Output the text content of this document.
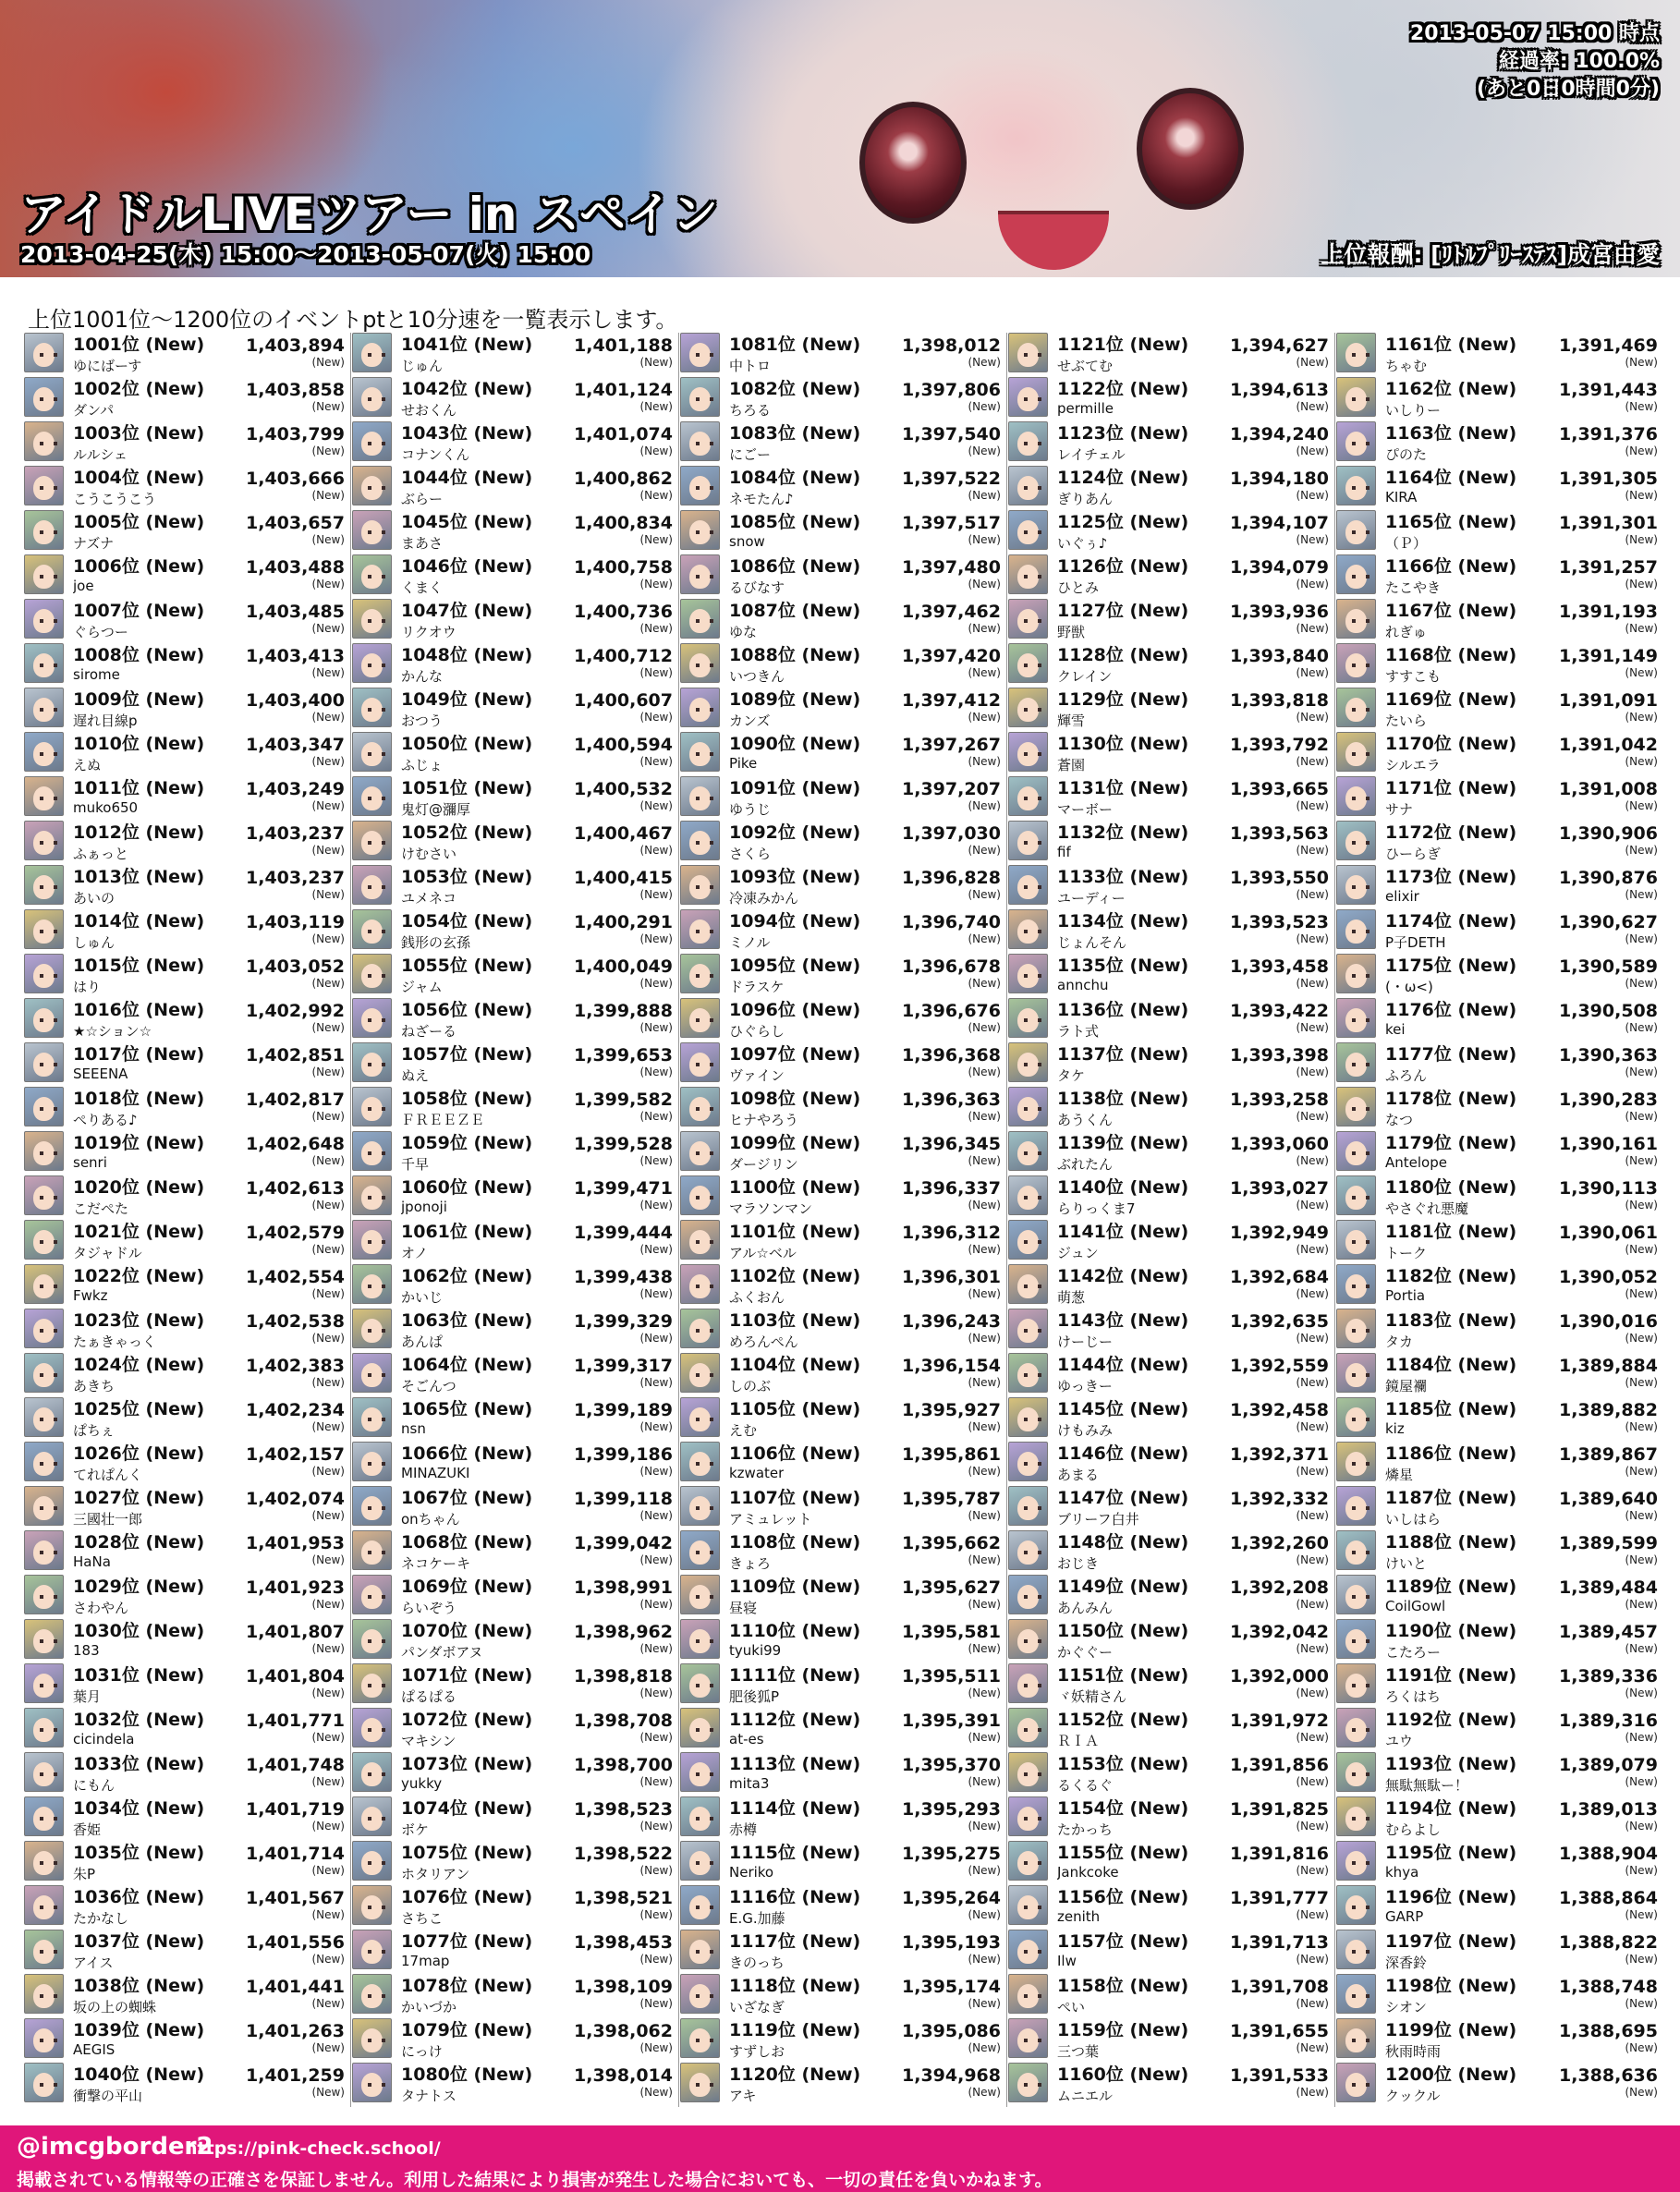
アイドルLIVEツアー in スペイン
2013-04-25(木) 15:00～2013-05-07(火) 15:00	上位報酬: [ﾘﾄﾙﾌﾟﾘｰｽﾃｽ]成宮由愛
2013-05-07 15:00 時点
経過率: 100.0%
(あと0日0時間0分)
上位1001位～1200位のイベントptと10分速を一覧表示します。
1001位 (New) 1,403,894
ゆにばーす	(New)
1002位 (New) 1,403,858
ダンパ	(New)
1003位 (New) 1,403,799
ルルシェ	(New)
1004位 (New) 1,403,666
こうこうこう	(New)
1005位 (New) 1,403,657
ナズナ	(New)
1006位 (New) 1,403,488
joe	(New)
1007位 (New) 1,403,485
ぐらつー	(New)
1008位 (New) 1,403,413
sirome	(New)
1009位 (New) 1,403,400
遅れ目線p	(New)
1010位 (New) 1,403,347
えぬ	(New)
1011位 (New) 1,403,249
muko650	(New)
1012位 (New) 1,403,237
ふぁっと	(New)
1013位 (New) 1,403,237
あいの	(New)
1014位 (New) 1,403,119
しゅん	(New)
1015位 (New) 1,403,052
はり	(New)
1016位 (New) 1,402,992
★☆ション☆	(New)
1017位 (New) 1,402,851
SEEENA	(New)
1018位 (New) 1,402,817
ぺりある♪	(New)
1019位 (New) 1,402,648
senri	(New)
1020位 (New) 1,402,613
こだぺた	(New)
1021位 (New) 1,402,579
タジャドル	(New)
1022位 (New) 1,402,554
Fwkz	(New)
1023位 (New) 1,402,538
たぁきゃっく	(New)
1024位 (New) 1,402,383
あきち	(New)
1025位 (New) 1,402,234
ぱちぇ	(New)
1026位 (New) 1,402,157
てれぱんく	(New)
1027位 (New) 1,402,074
三國壮一郎	(New)
1028位 (New) 1,401,953
HaNa	(New)
1029位 (New) 1,401,923
さわやん	(New)
1030位 (New) 1,401,807
183	(New)
1031位 (New) 1,401,804
葉月	(New)
1032位 (New) 1,401,771
cicindela	(New)
1033位 (New) 1,401,748
にもん	(New)
1034位 (New) 1,401,719
香姫	(New)
1035位 (New) 1,401,714
朱P	(New)
1036位 (New) 1,401,567
たかなし	(New)
1037位 (New) 1,401,556
アイス	(New)
1038位 (New) 1,401,441
坂の上の蜘蛛	(New)
1039位 (New) 1,401,263
AEGIS	(New)
1040位 (New) 1,401,259
衝撃の平山	(New)
1041位 (New) 1,401,188
じゅん	(New)
1042位 (New) 1,401,124
せおくん	(New)
1043位 (New) 1,401,074
コナンくん	(New)
1044位 (New) 1,400,862
ぶらー	(New)
1045位 (New) 1,400,834
まあさ	(New)
1046位 (New) 1,400,758
くまく	(New)
1047位 (New) 1,400,736
リクオウ	(New)
1048位 (New) 1,400,712
かんな	(New)
1049位 (New) 1,400,607
おつう	(New)
1050位 (New) 1,400,594
ふじょ	(New)
1051位 (New) 1,400,532
鬼灯@瀰厚	(New)
1052位 (New) 1,400,467
けむさい	(New)
1053位 (New) 1,400,415
ユメネコ	(New)
1054位 (New) 1,400,291
銭形の玄孫	(New)
1055位 (New) 1,400,049
ジャム	(New)
1056位 (New) 1,399,888
ねざーる	(New)
1057位 (New) 1,399,653
ぬえ	(New)
1058位 (New) 1,399,582
ＦＲＥＥＺＥ	(New)
1059位 (New) 1,399,528
千早	(New)
1060位 (New) 1,399,471
jponoji	(New)
1061位 (New) 1,399,444
オノ	(New)
1062位 (New) 1,399,438
かいじ	(New)
1063位 (New) 1,399,329
あんぱ	(New)
1064位 (New) 1,399,317
そごんつ	(New)
1065位 (New) 1,399,189
nsn	(New)
1066位 (New) 1,399,186
MINAZUKI	(New)
1067位 (New) 1,399,118
onちゃん	(New)
1068位 (New) 1,399,042
ネコケーキ	(New)
1069位 (New) 1,398,991
らいぞう	(New)
1070位 (New) 1,398,962
パンダボアヌ	(New)
1071位 (New) 1,398,818
ぱるぱる	(New)
1072位 (New) 1,398,708
マキシン	(New)
1073位 (New) 1,398,700
yukky	(New)
1074位 (New) 1,398,523
ボケ	(New)
1075位 (New) 1,398,522
ホタリアン	(New)
1076位 (New) 1,398,521
さちこ	(New)
1077位 (New) 1,398,453
17map	(New)
1078位 (New) 1,398,109
かいづか	(New)
1079位 (New) 1,398,062
にっけ	(New)
1080位 (New) 1,398,014
タナトス	(New)
1081位 (New) 1,398,012
中トロ	(New)
1082位 (New) 1,397,806
ちろる	(New)
1083位 (New) 1,397,540
にごー	(New)
1084位 (New) 1,397,522
ネモたん♪	(New)
1085位 (New) 1,397,517
snow	(New)
1086位 (New) 1,397,480
るびなす	(New)
1087位 (New) 1,397,462
ゆな	(New)
1088位 (New) 1,397,420
いつきん	(New)
1089位 (New) 1,397,412
カンズ	(New)
1090位 (New) 1,397,267
Pike	(New)
1091位 (New) 1,397,207
ゆうじ	(New)
1092位 (New) 1,397,030
さくら	(New)
1093位 (New) 1,396,828
冷凍みかん	(New)
1094位 (New) 1,396,740
ミノル	(New)
1095位 (New) 1,396,678
ドラスケ	(New)
1096位 (New) 1,396,676
ひぐらし	(New)
1097位 (New) 1,396,368
ヴァイン	(New)
1098位 (New) 1,396,363
ヒナやろう	(New)
1099位 (New) 1,396,345
ダージリン	(New)
1100位 (New) 1,396,337
マラソンマン	(New)
1101位 (New) 1,396,312
アル☆ベル	(New)
1102位 (New) 1,396,301
ふくおん	(New)
1103位 (New) 1,396,243
めろんぺん	(New)
1104位 (New) 1,396,154
しのぶ	(New)
1105位 (New) 1,395,927
えむ	(New)
1106位 (New) 1,395,861
kzwater	(New)
1107位 (New) 1,395,787
アミュレット	(New)
1108位 (New) 1,395,662
きょろ	(New)
1109位 (New) 1,395,627
昼寝	(New)
1110位 (New) 1,395,581
tyuki99	(New)
1111位 (New) 1,395,511
肥後狐P	(New)
1112位 (New) 1,395,391
at-es	(New)
1113位 (New) 1,395,370
mita3	(New)
1114位 (New) 1,395,293
赤樽	(New)
1115位 (New) 1,395,275
Neriko	(New)
1116位 (New) 1,395,264
E.G.加藤	(New)
1117位 (New) 1,395,193
きのっち	(New)
1118位 (New) 1,395,174
いざなぎ	(New)
1119位 (New) 1,395,086
すずしお	(New)
1120位 (New) 1,394,968
アキ	(New)
1121位 (New) 1,394,627
せぶてむ	(New)
1122位 (New) 1,394,613
permille	(New)
1123位 (New) 1,394,240
レイチェル	(New)
1124位 (New) 1,394,180
ぎりあん	(New)
1125位 (New) 1,394,107
いぐぅ♪	(New)
1126位 (New) 1,394,079
ひとみ	(New)
1127位 (New) 1,393,936
野獣	(New)
1128位 (New) 1,393,840
クレイン	(New)
1129位 (New) 1,393,818
輝雪	(New)
1130位 (New) 1,393,792
蒼園	(New)
1131位 (New) 1,393,665
マーボー	(New)
1132位 (New) 1,393,563
fif	(New)
1133位 (New) 1,393,550
ユーディー	(New)
1134位 (New) 1,393,523
じょんそん	(New)
1135位 (New) 1,393,458
annchu	(New)
1136位 (New) 1,393,422
ラト式	(New)
1137位 (New) 1,393,398
タケ	(New)
1138位 (New) 1,393,258
あうくん	(New)
1139位 (New) 1,393,060
ぶれたん	(New)
1140位 (New) 1,393,027
らりっくま7	(New)
1141位 (New) 1,392,949
ジュン	(New)
1142位 (New) 1,392,684
萌葱	(New)
1143位 (New) 1,392,635
けーじー	(New)
1144位 (New) 1,392,559
ゆっきー	(New)
1145位 (New) 1,392,458
けもみみ	(New)
1146位 (New) 1,392,371
あまる	(New)
1147位 (New) 1,392,332
ブリーフ白井	(New)
1148位 (New) 1,392,260
おじき	(New)
1149位 (New) 1,392,208
あんみん	(New)
1150位 (New) 1,392,042
かぐぐー	(New)
1151位 (New) 1,392,000
ヾ妖精さん	(New)
1152位 (New) 1,391,972
ＲＩＡ	(New)
1153位 (New) 1,391,856
るくるぐ	(New)
1154位 (New) 1,391,825
たかっち	(New)
1155位 (New) 1,391,816
Jankcoke	(New)
1156位 (New) 1,391,777
zenith	(New)
1157位 (New) 1,391,713
Ilw	(New)
1158位 (New) 1,391,708
ぺい	(New)
1159位 (New) 1,391,655
三つ葉	(New)
1160位 (New) 1,391,533
ムニエル	(New)
1161位 (New) 1,391,469
ちゃむ	(New)
1162位 (New) 1,391,443
いしりー	(New)
1163位 (New) 1,391,376
ぴのた	(New)
1164位 (New) 1,391,305
KIRA	(New)
1165位 (New) 1,391,301
（Ｐ）	(New)
1166位 (New) 1,391,257
たこやき	(New)
1167位 (New) 1,391,193
れぎゅ	(New)
1168位 (New) 1,391,149
すすこも	(New)
1169位 (New) 1,391,091
たいら	(New)
1170位 (New) 1,391,042
シルエラ	(New)
1171位 (New) 1,391,008
サナ	(New)
1172位 (New) 1,390,906
ひーらぎ	(New)
1173位 (New) 1,390,876
elixir	(New)
1174位 (New) 1,390,627
P子DETH	(New)
1175位 (New) 1,390,589
(・ω<)	(New)
1176位 (New) 1,390,508
kei	(New)
1177位 (New) 1,390,363
ふろん	(New)
1178位 (New) 1,390,283
なつ	(New)
1179位 (New) 1,390,161
Antelope	(New)
1180位 (New) 1,390,113
やさぐれ悪魔	(New)
1181位 (New) 1,390,061
トーク	(New)
1182位 (New) 1,390,052
Portia	(New)
1183位 (New) 1,390,016
タカ	(New)
1184位 (New) 1,389,884
鏡屋襴	(New)
1185位 (New) 1,389,882
kiz	(New)
1186位 (New) 1,389,867
燐星	(New)
1187位 (New) 1,389,640
いしはら	(New)
1188位 (New) 1,389,599
けいと	(New)
1189位 (New) 1,389,484
CoilGowl	(New)
1190位 (New) 1,389,457
こたろー	(New)
1191位 (New) 1,389,336
ろくはち	(New)
1192位 (New) 1,389,316
ユウ	(New)
1193位 (New) 1,389,079
無駄無駄ー！	(New)
1194位 (New) 1,389,013
むらよし	(New)
1195位 (New) 1,388,904
khya	(New)
1196位 (New) 1,388,864
GARP	(New)
1197位 (New) 1,388,822
深香鈴	(New)
1198位 (New) 1,388,748
シオン	(New)
1199位 (New) 1,388,695
秋雨時雨	(New)
1200位 (New) 1,388,636
クックル	(New)
@imcgborder2
https://pink-check.school/
掲載されている情報等の正確さを保証しません。利用した結果により損害が発生した場合においても、一切の責任を負いかねます。
